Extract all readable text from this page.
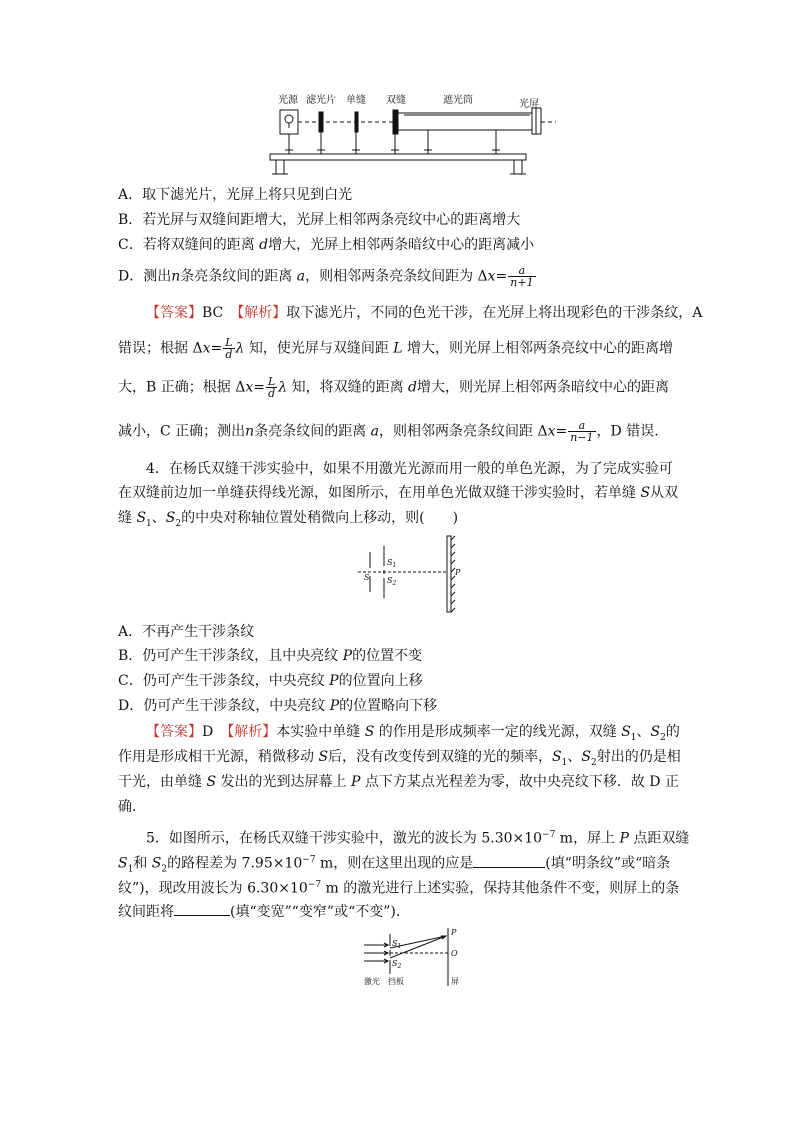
光源 滤光片 单缝 双缝	遮光筒	光屏
A．取下滤光片，光屏上将只见到白光
B．若光屏与双缝间距增大，光屏上相邻两条亮纹中心的距离增大
C．若将双缝间的距离 d增大，光屏上相邻两条暗纹中心的距离减小
D．测出n条亮条纹间的距离 a，则相邻两条亮条纹间距为 $\Delta x= \frac{a}{n+1}$
【答案】BC　 【解析】取下滤光片，不同的色光干涉，在光屏上将出现彩色的干涉条纹，A
错误；根据 $\Delta x= \frac{L}{d}$ λ 知，使光屏与双缝间距 L 增大，则光屏上相邻两条亮纹中心的距离增
大，B 正确；根据 $\Delta x= \frac{L}{d}$ λ 知，将双缝的距离 d增大，则光屏上相邻两条暗纹中心的距离
减小，C 正确；测出n条亮条纹间的距离 a，则相邻两条亮条纹间距 $\Delta x= \frac{a}{n-1}$ ，D 错误．
4．在杨氏双缝干涉实验中，如果不用激光光源而用一般的单色光源，为了完成实验可
在双缝前边加一单缝获得线光源，如图所示，在用单色光做双缝干涉实验时，若单缝 S从双
缝 $S_1$、$S_2$的中央对称轴位置处稍微向上移动，则(　　)
S
$S_1$
$S_2$
P
A．不再产生干涉条纹
B．仍可产生干涉条纹，且中央亮纹 P的位置不变
C．仍可产生干涉条纹，中央亮纹 P的位置向上移
D．仍可产生干涉条纹，中央亮纹 P的位置略向下移
【答案】D　 【解析】本实验中单缝 S 的作用是形成频率一定的线光源，双缝 $S_1$、$S_2$的
作用是形成相干光源，稍微移动 S后，没有改变传到双缝的光的频率，$S_1$、$S_2$射出的仍是相
干光，由单缝 S 发出的光到达屏幕上 P 点下方某点光程差为零，故中央亮纹下移．故 D 正
确．
5．如图所示，在杨氏双缝干涉实验中，激光的波长为 $5.30\times 10^{-7}$ m，屏上 P 点距双缝
$S_1$和 $S_2$的路程差为 $7.95\times 10^{-7}$ m，则在这里出现的应是	(填“明条纹”或“暗条
纹”)，现改用波长为 $6.30\times 10^{-7}$ m 的激光进行上述实验，保持其他条件不变，则屏上的条
纹间距将	(填“变宽”“变窄”或“不变”)．
$S_1$
$S_2$
P
O
激光 挡板	屏
